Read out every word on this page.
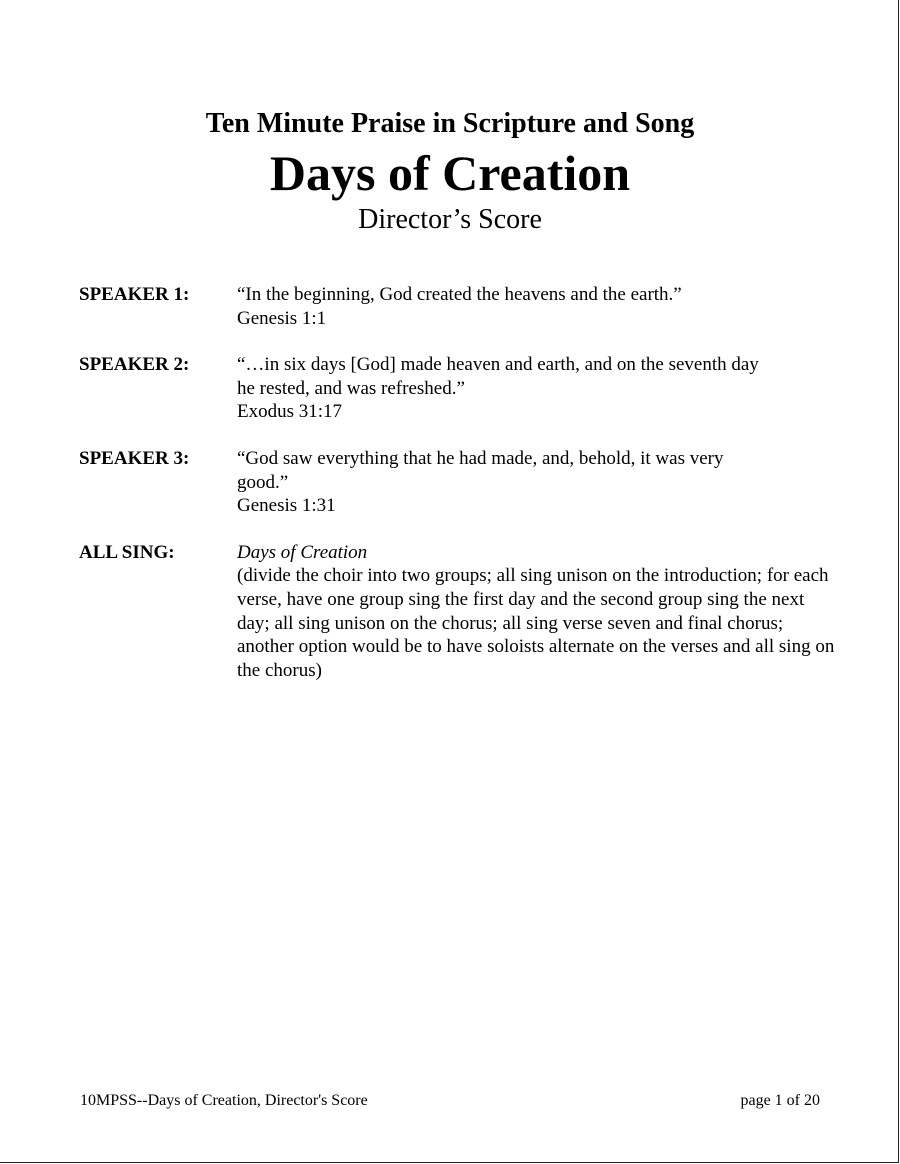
Ten Minute Praise in Scripture and Song
Days of Creation
Director’s Score
SPEAKER 1:	“In the beginning, God created the heavens and the earth.”
Genesis 1:1
SPEAKER 2:	“…in six days [God] made heaven and earth, and on the seventh day he rested, and was refreshed.”
Exodus 31:17
SPEAKER 3:	“God saw everything that he had made, and, behold, it was very good.”
Genesis 1:31
ALL SING:	Days of Creation
(divide the choir into two groups; all sing unison on the introduction; for each verse, have one group sing the first day and the second group sing the next day; all sing unison on the chorus; all sing verse seven and final chorus; another option would be to have soloists alternate on the verses and all sing on the chorus)
10MPSS--Days of Creation, Director's Score	page 1 of 20
